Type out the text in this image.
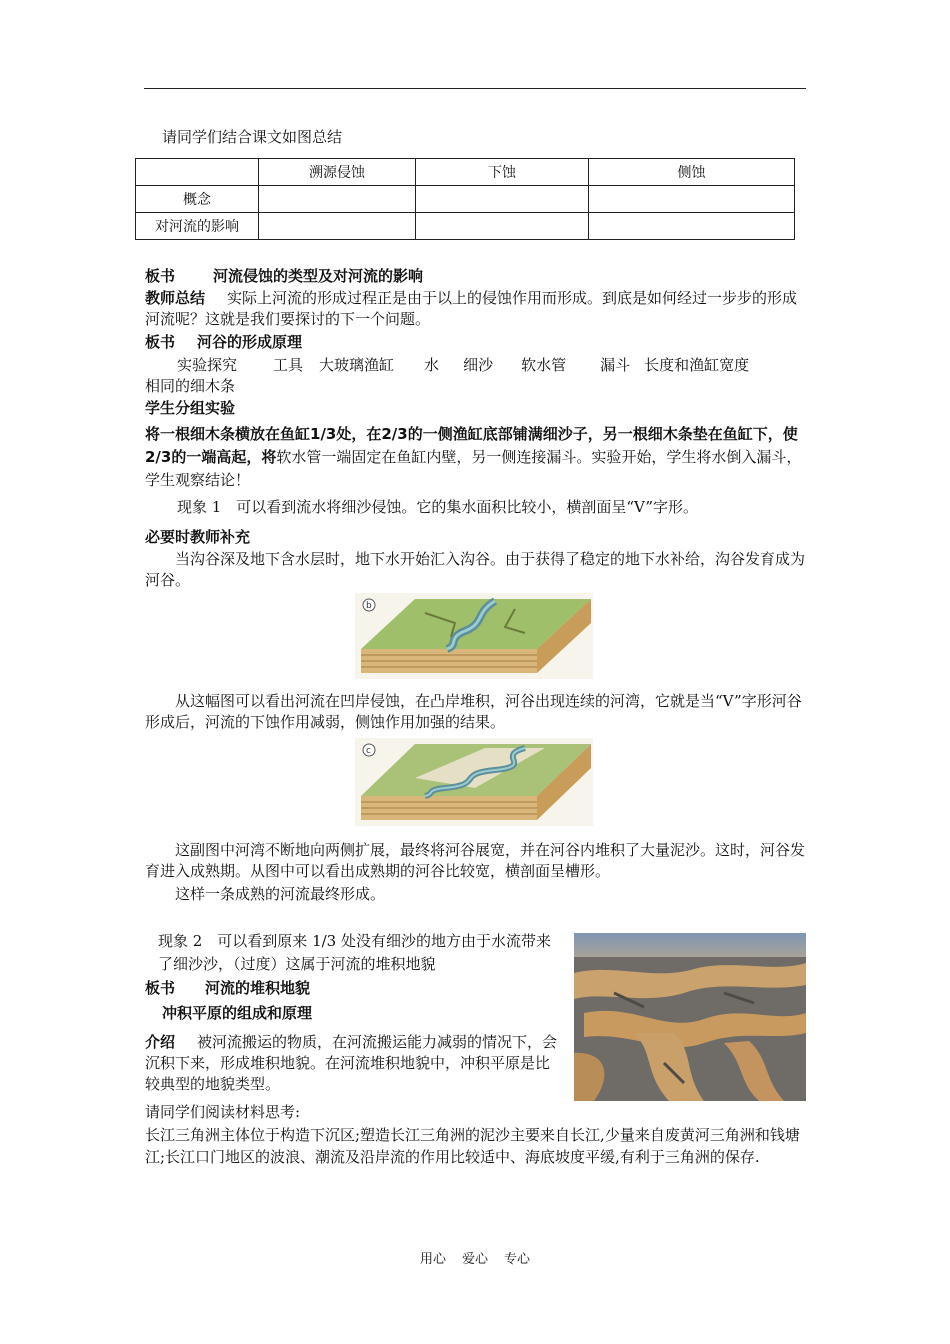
请同学们结合课文如图总结

	溯源侵蚀	下蚀	侧蚀
概念			
对河流的影响			

板书	河流侵蚀的类型及对河流的影响

教师总结 实际上河流的形成过程正是由于以上的侵蚀作用而形成。到底是如何经过一步步的形成河流呢？这就是我们要探讨的下一个问题。

板书 河谷的形成原理

实验探究 工具 大玻璃渔缸 水 细沙 软水管 漏斗 长度和渔缸宽度

相同的细木条

学生分组实验

将一根细木条横放在鱼缸1/3处，在2/3的一侧渔缸底部铺满细沙子，另一根细木条垫在鱼缸下，使2/3的一端高起，将软水管一端固定在鱼缸内壁，另一侧连接漏斗。实验开始，学生将水倒入漏斗，学生观察结论！

现象 1　可以看到流水将细沙侵蚀。它的集水面积比较小，横剖面呈“V”字形。

必要时教师补充

当沟谷深及地下含水层时，地下水开始汇入沟谷。由于获得了稳定的地下水补给，沟谷发育成为河谷。

b

从这幅图可以看出河流在凹岸侵蚀，在凸岸堆积，河谷出现连续的河湾，它就是当“V”字形河谷形成后，河流的下蚀作用减弱，侧蚀作用加强的结果。

c

这副图中河湾不断地向两侧扩展，最终将河谷展宽，并在河谷内堆积了大量泥沙。这时，河谷发育进入成熟期。从图中可以看出成熟期的河谷比较宽，横剖面呈槽形。

这样一条成熟的河流最终形成。

现象 2　可以看到原来 1/3 处没有细沙的地方由于水流带来了细沙沙，（过度）这属于河流的堆积地貌

板书 河流的堆积地貌

冲积平原的组成和原理

介绍 被河流搬运的物质，在河流搬运能力减弱的情况下，会沉积下来，形成堆积地貌。在河流堆积地貌中，冲积平原是比较典型的地貌类型。

请同学们阅读材料思考:

长江三角洲主体位于构造下沉区;塑造长江三角洲的泥沙主要来自长江,少量来自废黄河三角洲和钱塘江;长江口门地区的波浪、潮流及沿岸流的作用比较适中、海底坡度平缓,有利于三角洲的保存.

用心 爱心 专心
